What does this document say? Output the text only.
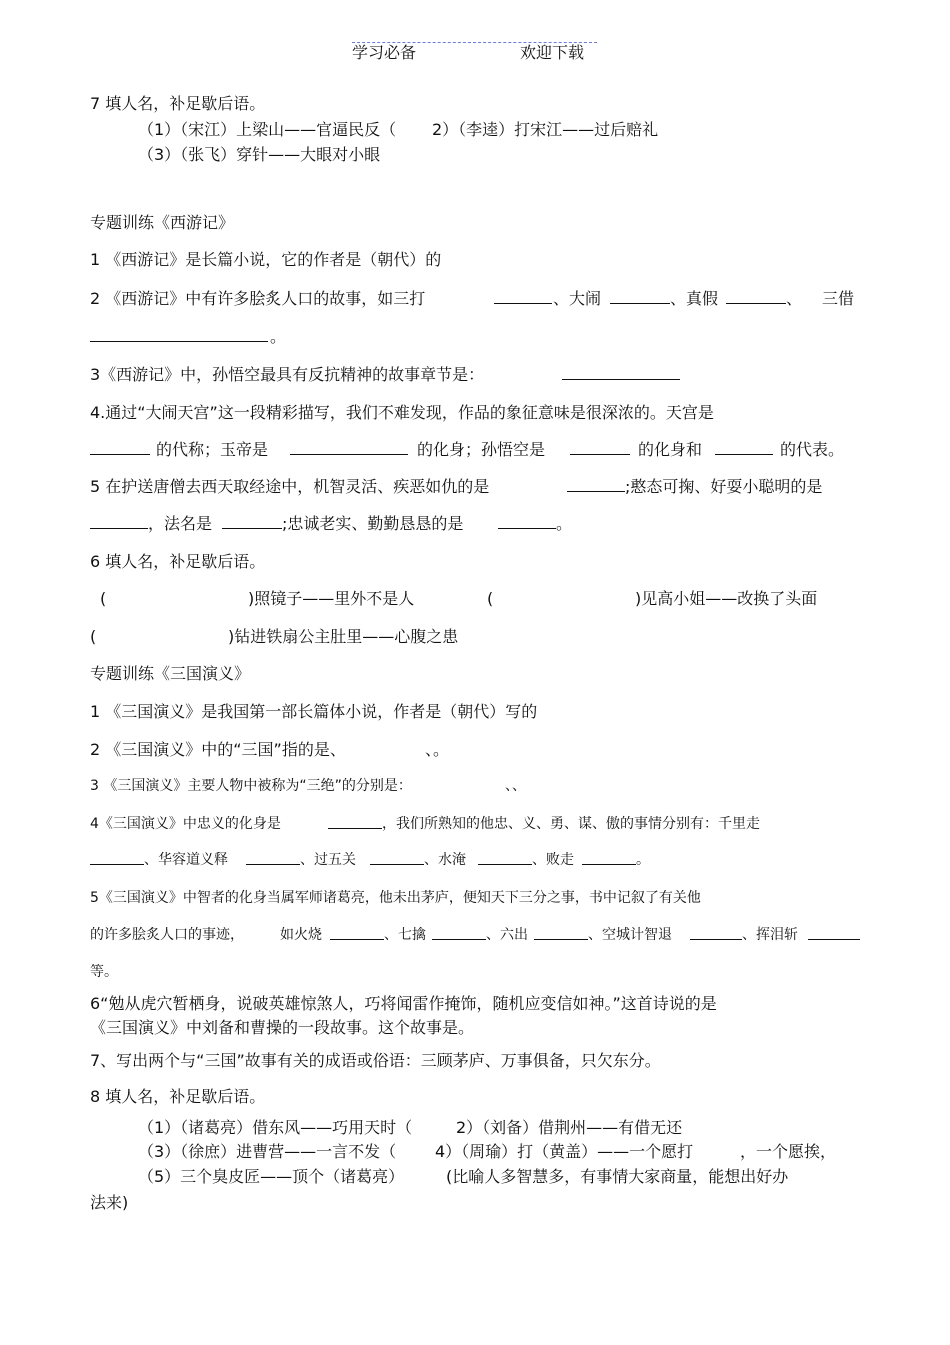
学习必备	欢迎下载
7 填人名，补足歇后语。
（1）（宋江）上梁山——官逼民反（ 2）（李逵）打宋江——过后赔礼
（3）（张飞）穿针——大眼对小眼
专题训练《西游记》
1 《西游记》是长篇小说，它的作者是（朝代）的
2 《西游记》中有许多脍炙人口的故事，如三打	、大闹	、真假	、 三借
。
3《西游记》中，孙悟空最具有反抗精神的故事章节是：
4.通过“大闹天宫”这一段精彩描写，我们不难发现，作品的象征意味是很深浓的。天宫是
的代称；玉帝是	的化身；孙悟空是	的化身和	的代表。
5 在护送唐僧去西天取经途中，机智灵活、疾恶如仇的是	;憨态可掬、好耍小聪明的是
，法名是	;忠诚老实、勤勤恳恳的是	。
6 填人名，补足歇后语。
(	)照镜子——里外不是人	(	)见高小姐——改换了头面
(	)钻进铁扇公主肚里——心腹之患
专题训练《三国演义》
1 《三国演义》是我国第一部长篇体小说，作者是（朝代）写的
2 《三国演义》中的“三国”指的是、	、。
3 《三国演义》主要人物中被称为“三绝”的分别是：	、、
4《三国演义》中忠义的化身是	，我们所熟知的他忠、义、勇、谋、傲的事情分别有：千里走
、华容道义释	、过五关	、水淹	、败走	。
5《三国演义》中智者的化身当属军师诸葛亮，他未出茅庐，便知天下三分之事，书中记叙了有关他
的许多脍炙人口的事迹，	如火烧	、七擒	、六出	、空城计智退	、挥泪斩
等。
6“勉从虎穴暂栖身，说破英雄惊煞人，巧将闻雷作掩饰，随机应变信如神。”这首诗说的是
《三国演义》中刘备和曹操的一段故事。这个故事是。
7、写出两个与“三国”故事有关的成语或俗语：三顾茅庐、万事俱备，只欠东分。
8 填人名，补足歇后语。
（1）（诸葛亮）借东风——巧用天时（	2）（刘备）借荆州——有借无还
（3）（徐庶）进曹营——一言不发（ 4）（周瑜）打（黄盖）——一个愿打	，一个愿挨，
（5）三个臭皮匠——顶个（诸葛亮）	(比喻人多智慧多，有事情大家商量，能想出好办
法来)
